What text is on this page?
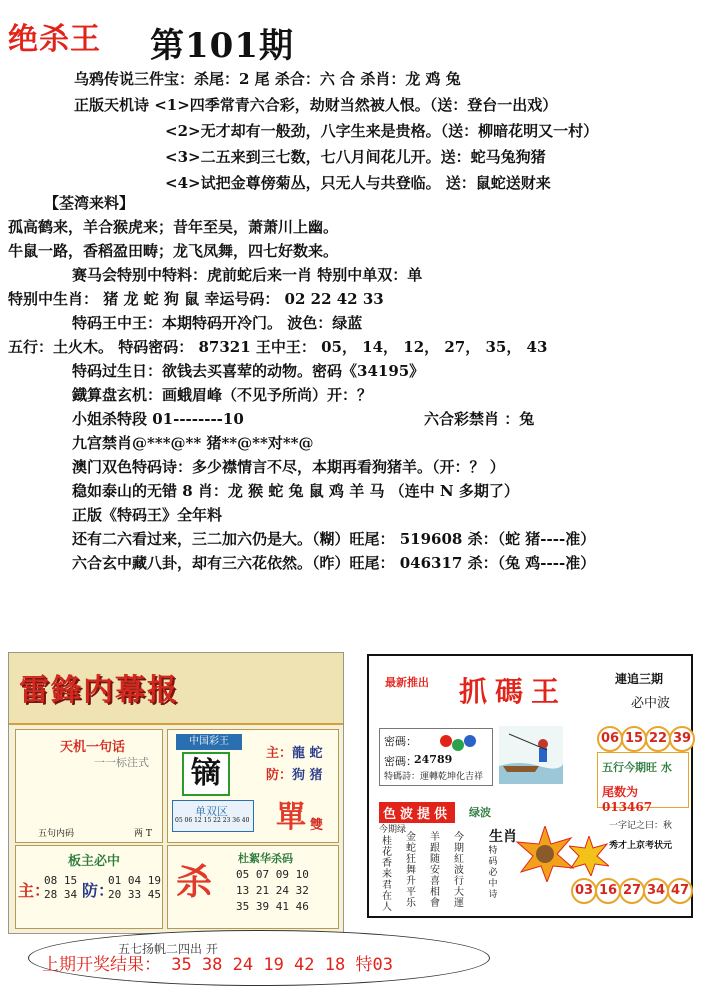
绝杀王 第101期
乌鸦传说三件宝：杀尾：2 尾 杀合：六 合 杀肖：龙 鸡 兔
正版天机诗 <1>四季常青六合彩，劫财当然被人恨。（送：登台一出戏）
<2>无才却有一般劲，八字生来是贵格。（送：柳暗花明又一村）
<3>二五来到三七数，七八月间花儿开。送：蛇马兔狗猪
<4>试把金尊傍菊丛，只无人与共登临。 送：鼠蛇送财来
【荃湾来料】
孤高鹤来，羊合猴虎来；昔年至吴，萧萧川上幽。
牛鼠一路，香稻盈田畴；龙飞凤舞，四七好数来。
赛马会特别中特料：虎前蛇后来一肖 特别中单双：单
特别中生肖： 猪 龙 蛇 狗 鼠 幸运号码： 02 22 42 33
特码王中王：本期特码开冷门。 波色：绿蓝
五行：土火木。 特码密码： 87321 王中王： 05， 14， 12， 27， 35， 43
特码过生日：欲钱去买喜荤的动物。密码《34195》
鐡算盘玄机：画蛾眉峰（不见予所尚）开：？
小姐杀特段 01--------10	六合彩禁肖 ：兔
九宫禁肖@***@** 猪**@**对**@
澳门双色特码诗：多少襟情言不尽，本期再看狗猪羊。（开：？ ）
稳如泰山的无错 8 肖：龙 猴 蛇 兔 鼠 鸡 羊 马 （连中 N 多期了）
正版《特码王》全年料
还有二六看过来，三二加六仍是大。（糊）旺尾： 519608 杀：（蛇 猪----准）
六合玄中藏八卦，却有三六花依然。（昨）旺尾： 046317 杀：（兔 鸡----准）
雷鋒内幕报
天机一句话
一一标注式
五句内码	两 T
中国彩王
镝
单双区
05 06 12 15 22 23 36 40
主： 龍 蛇
防： 狗 猪
單 雙
板主必中
主：
08 15
28 34 防：
01 04 19
20 33 45 杀
杜絮华杀码
05 07 09 10
13 21 24 32
35 39 41 46
最新推出 抓碼王	連追三期
必中波
密碼：
密碼：
24789
特碼詩： 運轉乾坤化吉祥
06 15 22 39
五行今期旺 水
尾数为 013467
色波提供	绿波
今期绿
桂花香来君在人
金蛇狂舞升平乐
羊跟随安喜相會
今期紅波行大運
生肖
特码必中诗
一字记之曰：秋
秀才上京考状元
03 16 27 34 47
五七扬帆二四出 开
上期开奖结果： 35 38 24 19 42 18 特03
